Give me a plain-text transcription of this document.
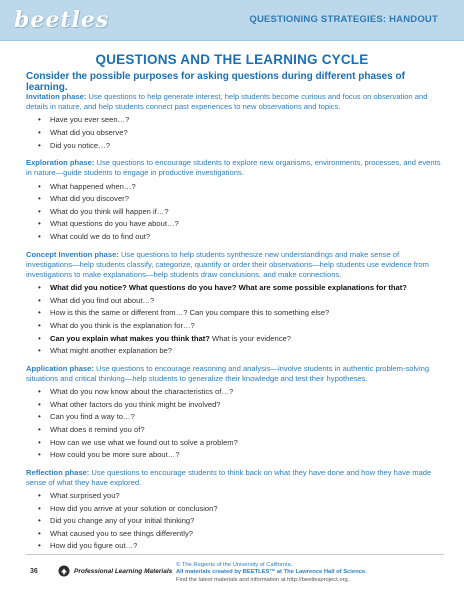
beetles	QUESTIONING STRATEGIES: HANDOUT
QUESTIONS AND THE LEARNING CYCLE
Consider the possible purposes for asking questions during different phases of learning.

Invitation phase: Use questions to help generate interest, help students become curious and focus on observation and details in nature, and help students connect past experiences to new observations and topics.

• Have you ever seen…?
• What did you observe?
• Did you notice…?

Exploration phase: Use questions to encourage students to explore new organisms, environments, processes, and events in nature—guide students to engage in productive investigations.

• What happened when…?
• What did you discover?
• What do you think will happen if…?
• What questions do you have about…?
• What could we do to find out?

Concept Invention phase: Use questions to help students synthesize new understandings and make sense of investigations—help students classify, categorize, quantify or order their observations—help students use evidence from investigations to make explanations—help students draw conclusions, and make connections.

• What did you notice? What questions do you have? What are some possible explanations for that?
• What did you find out about…?
• How is this the same or different from…? Can you compare this to something else?
• What do you think is the explanation for…?
• Can you explain what makes you think that? What is your evidence?
• What might another explanation be?

Application phase: Use questions to encourage reasoning and analysis—involve students in authentic problem-solving situations and critical thinking—help students to generalize their knowledge and test their hypotheses.

• What do you now know about the characteristics of…?
• What other factors do you think might be involved?
• Can you find a way to…?
• What does it remind you of?
• How can we use what we found out to solve a problem?
• How could you be more sure about…?

Reflection phase: Use questions to encourage students to think back on what they have done and how they have made sense of what they have explored.

• What surprised you?
• How did you arrive at your solution or conclusion?
• Did you change any of your initial thinking?
• What caused you to see things differently?
• How did you figure out…?
36	Professional Learning Materials
© The Regents of the University of California.
All materials created by BEETLES™ at The Lawrence Hall of Science.
Find the latest materials and information at http://beetlesproject.org.
